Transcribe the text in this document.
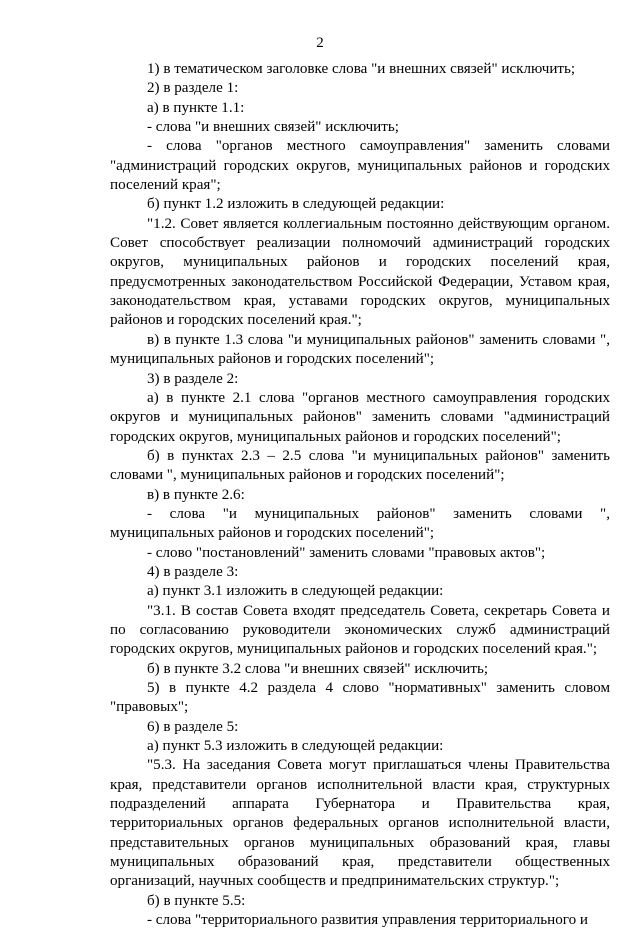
2

1) в тематическом заголовке слова "и внешних связей" исключить;

2) в разделе 1:

а) в пункте 1.1:

- слова "и внешних связей" исключить;

- слова "органов местного самоуправления" заменить словами "администраций городских округов, муниципальных районов и городских поселений края";

б) пункт 1.2 изложить в следующей редакции:

"1.2. Совет является коллегиальным постоянно действующим органом. Совет способствует реализации полномочий администраций городских округов, муниципальных районов и городских поселений края, предусмотренных законодательством Российской Федерации, Уставом края, законодательством края, уставами городских округов, муниципальных районов и городских поселений края.";

в) в пункте 1.3 слова "и муниципальных районов" заменить словами ", муниципальных районов и городских поселений";

3) в разделе 2:

а) в пункте 2.1 слова "органов местного самоуправления городских округов и муниципальных районов" заменить словами "администраций городских округов, муниципальных районов и городских поселений";

б) в пунктах 2.3 – 2.5 слова "и муниципальных районов" заменить словами ", муниципальных районов и городских поселений";

в) в пункте 2.6:

- слова "и муниципальных районов" заменить словами ", муниципальных районов и городских поселений";

- слово "постановлений" заменить словами "правовых актов";

4) в разделе 3:

а) пункт 3.1 изложить в следующей редакции:

"3.1. В состав Совета входят председатель Совета, секретарь Совета и по согласованию руководители экономических служб администраций городских округов, муниципальных районов и городских поселений края.";

б) в пункте 3.2 слова "и внешних связей" исключить;

5) в пункте 4.2 раздела 4 слово "нормативных" заменить словом "правовых";

6) в разделе 5:

а) пункт 5.3 изложить в следующей редакции:

"5.3. На заседания Совета могут приглашаться члены Правительства края, представители органов исполнительной власти края, структурных подразделений аппарата Губернатора и Правительства края, территориальных органов федеральных органов исполнительной власти, представительных органов муниципальных образований края, главы муниципальных образований края, представители общественных организаций, научных сообществ и предпринимательских структур.";

б) в пункте 5.5:

- слова "территориального развития управления территориального и
